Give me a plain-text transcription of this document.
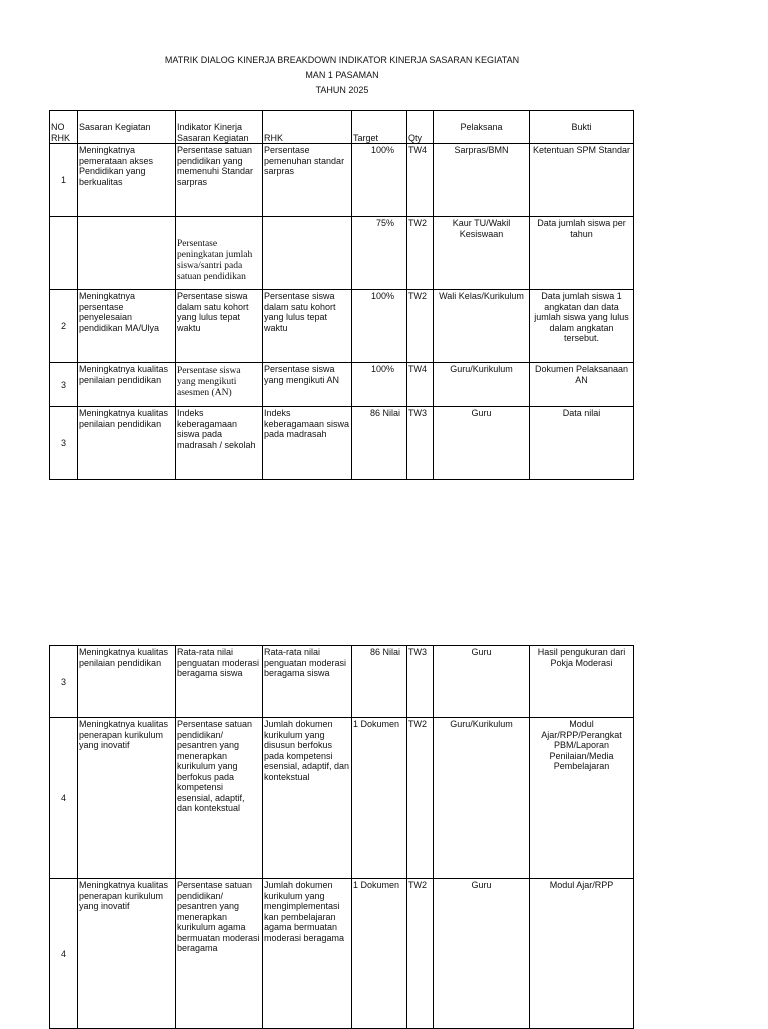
MATRIK DIALOG KINERJA BREAKDOWN INDIKATOR KINERJA SASARAN KEGIATAN
MAN 1 PASAMAN
TAHUN 2025
NO RHK	Sasaran Kegiatan	Indikator Kinerja Sasaran Kegiatan	RHK	Target	Qty	Pelaksana	Bukti
1	Meningkatnya pemerataan akses Pendidikan yang berkualitas	Persentase satuan pendidikan yang memenuhi Standar sarpras	Persentase pemenuhan standar sarpras	100%	TW4	Sarpras/BMN	Ketentuan SPM Standar
		Persentase peningkatan jumlah siswa/santri pada satuan pendidikan		75%	TW2	Kaur TU/Wakil Kesiswaan	Data jumlah siswa per tahun
2	Meningkatnya persentase penyelesaian pendidikan MA/Ulya	Persentase siswa dalam satu kohort yang lulus tepat waktu	Persentase siswa dalam satu kohort yang lulus tepat waktu	100%	TW2	Wali Kelas/Kurikulum	Data jumlah siswa 1 angkatan dan data jumlah siswa yang lulus dalam angkatan tersebut.
3	Meningkatnya kualitas penilaian pendidikan	Persentase siswa yang mengikuti asesmen (AN)	Persentase siswa yang mengikuti AN	100%	TW4	Guru/Kurikulum	Dokumen Pelaksanaan AN
3	Meningkatnya kualitas penilaian pendidikan	Indeks keberagamaan siswa pada madrasah / sekolah	Indeks keberagamaan siswa pada madrasah	86 Nilai	TW3	Guru	Data nilai
3	Meningkatnya kualitas penilaian pendidikan	Rata-rata nilai penguatan moderasi beragama siswa	Rata-rata nilai penguatan moderasi beragama siswa	86 Nilai	TW3	Guru	Hasil pengukuran dari Pokja Moderasi
4	Meningkatnya kualitas penerapan kurikulum yang inovatif	Persentase satuan pendidikan/ pesantren yang menerapkan kurikulum yang berfokus pada kompetensi esensial, adaptif, dan kontekstual	Jumlah dokumen kurikulum yang disusun berfokus pada kompetensi esensial, adaptif, dan kontekstual	1 Dokumen	TW2	Guru/Kurikulum	Modul Ajar/RPP/Perangkat PBM/Laporan Penilaian/Media Pembelajaran
4	Meningkatnya kualitas penerapan kurikulum yang inovatif	Persentase satuan pendidikan/ pesantren yang menerapkan kurikulum agama bermuatan moderasi beragama	Jumlah dokumen kurikulum yang mengimplementasi kan pembelajaran agama bermuatan moderasi beragama	1 Dokumen	TW2	Guru	Modul Ajar/RPP
